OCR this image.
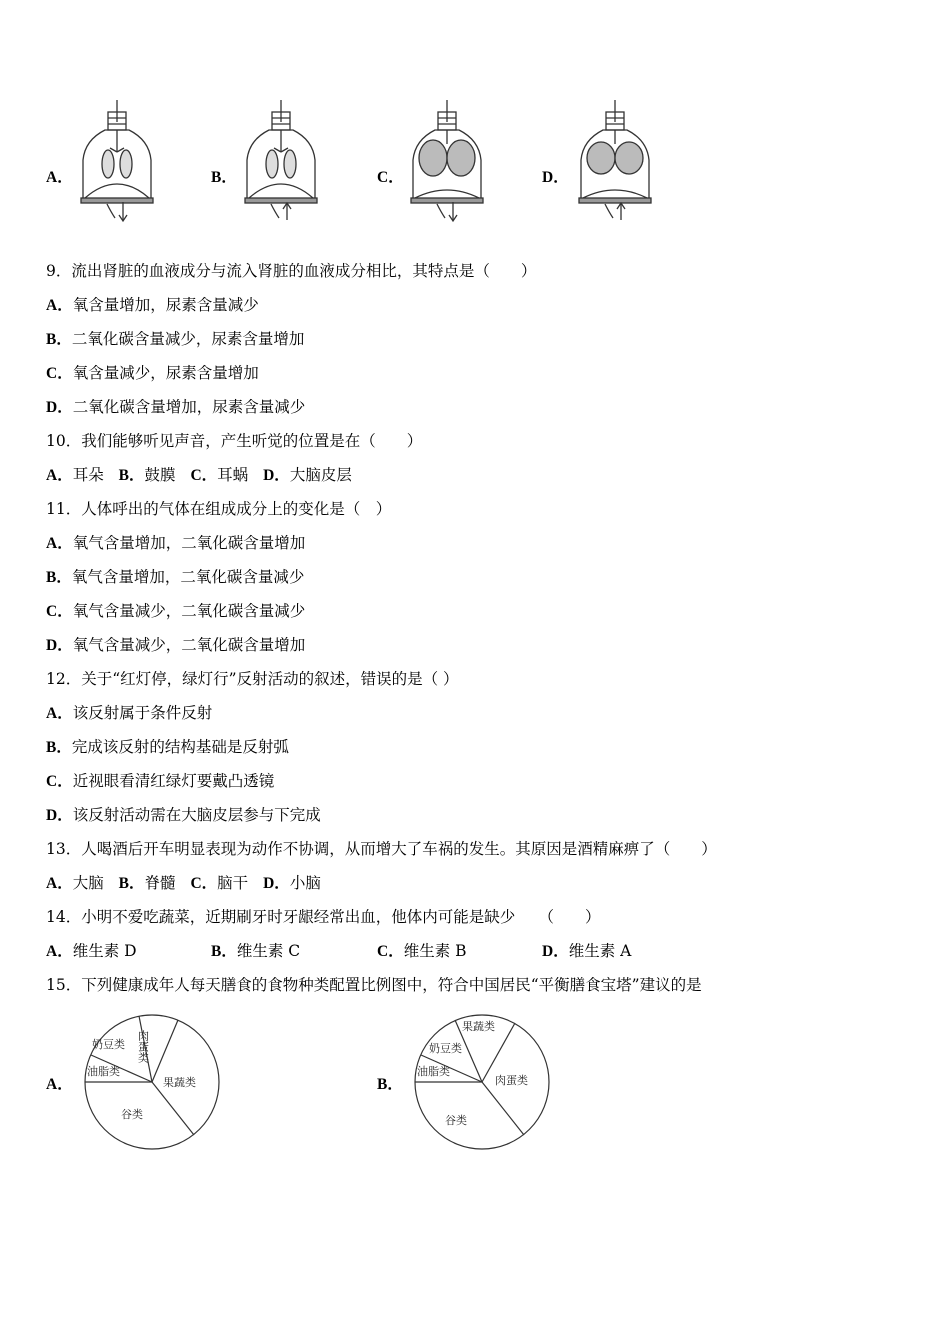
A．	B．	C．	D．
9．流出肾脏的血液成分与流入肾脏的血液成分相比，其特点是（　　）
A．氧含量增加，尿素含量减少
B．二氧化碳含量减少，尿素含量增加
C．氧含量减少，尿素含量增加
D．二氧化碳含量增加，尿素含量减少
10．我们能够听见声音，产生听觉的位置是在（　　）
A．耳朵 B．鼓膜 C．耳蜗 D．大脑皮层
11．人体呼出的气体在组成成分上的变化是（　）
A．氧气含量增加，二氧化碳含量增加
B．氧气含量增加，二氧化碳含量减少
C．氧气含量减少，二氧化碳含量减少
D．氧气含量减少，二氧化碳含量增加
12．关于“红灯停，绿灯行”反射活动的叙述，错误的是（ ）
A．该反射属于条件反射
B．完成该反射的结构基础是反射弧
C．近视眼看清红绿灯要戴凸透镜
D．该反射活动需在大脑皮层参与下完成
13．人喝酒后开车明显表现为动作不协调，从而增大了车祸的发生。其原因是酒精麻痹了（　　）
A．大脑 B．脊髓 C．脑干 D．小脑
14．小明不爱吃蔬菜，近期刷牙时牙龈经常出血，他体内可能是缺少　　（　　）
A．维生素 D	B．维生素 C	C．维生素 B	D．维生素 A
15．下列健康成年人每天膳食的食物种类配置比例图中，符合中国居民“平衡膳食宝塔”建议的是
A．
肉蛋类
奶豆类
油脂类
谷类
果蔬类	B．
果蔬类
奶豆类
油脂类
谷类
肉蛋类
